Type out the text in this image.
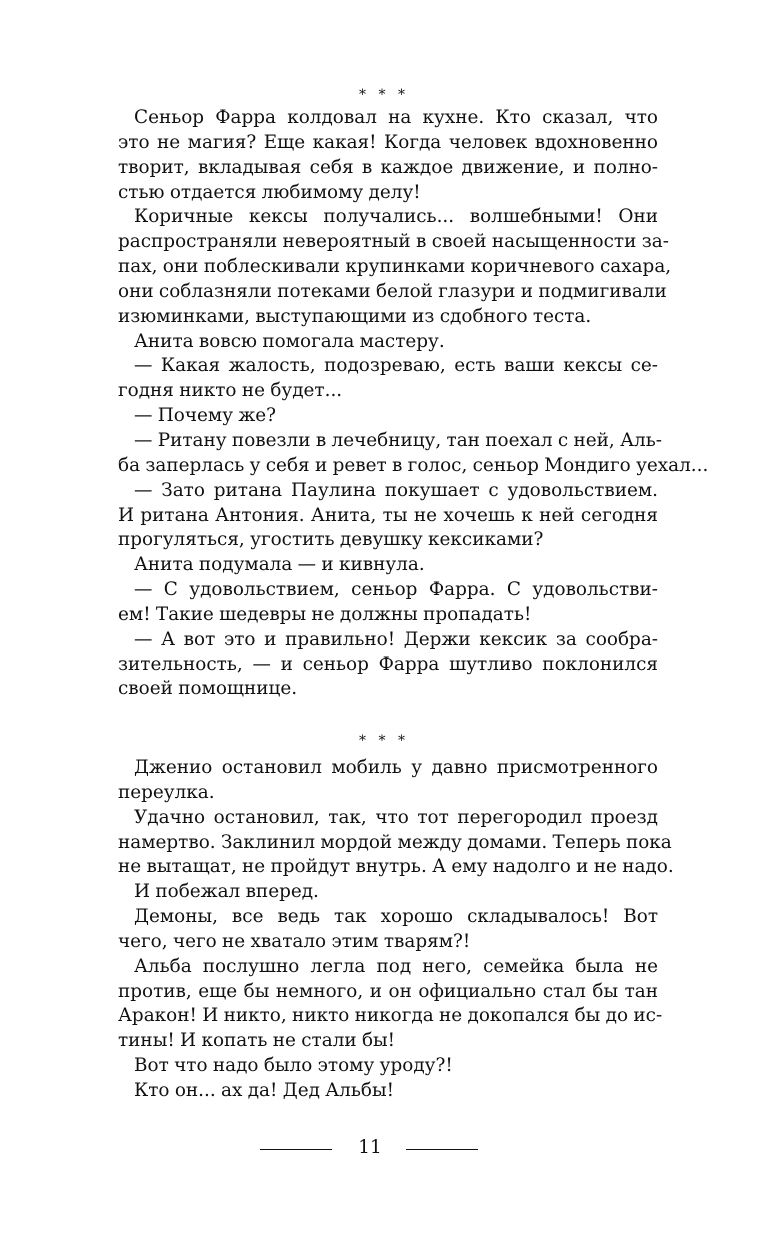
* * *
Сеньор Фарра колдовал на кухне. Кто сказал, что
это не магия? Еще какая! Когда человек вдохновенно
творит, вкладывая себя в каждое движение, и полно-
стью отдается любимому делу!
Коричные кексы получались... волшебными! Они
распространяли невероятный в своей насыщенности за-
пах, они поблескивали крупинками коричневого сахара,
они соблазняли потеками белой глазури и подмигивали
изюминками, выступающими из сдобного теста.
Анита вовсю помогала мастеру.
— Какая жалость, подозреваю, есть ваши кексы се-
годня никто не будет...
— Почему же?
— Ритану повезли в лечебницу, тан поехал с ней, Аль-
ба заперлась у себя и ревет в голос, сеньор Мондиго уехал...
— Зато ритана Паулина покушает с удовольствием.
И ритана Антония. Анита, ты не хочешь к ней сегодня
прогуляться, угостить девушку кексиками?
Анита подумала — и кивнула.
— С удовольствием, сеньор Фарра. С удовольстви-
ем! Такие шедевры не должны пропадать!
— А вот это и правильно! Держи кексик за сообра-
зительность, — и сеньор Фарра шутливо поклонился
своей помощнице.
* * *
Дженио остановил мобиль у давно присмотренного
переулка.
Удачно остановил, так, что тот перегородил проезд
намертво. Заклинил мордой между домами. Теперь пока
не вытащат, не пройдут внутрь. А ему надолго и не надо.
И побежал вперед.
Демоны, все ведь так хорошо складывалось! Вот
чего, чего не хватало этим тварям?!
Альба послушно легла под него, семейка была не
против, еще бы немного, и он официально стал бы тан
Аракон! И никто, никто никогда не докопался бы до ис-
тины! И копать не стали бы!
Вот что надо было этому уроду?!
Кто он... ах да! Дед Альбы!
11
